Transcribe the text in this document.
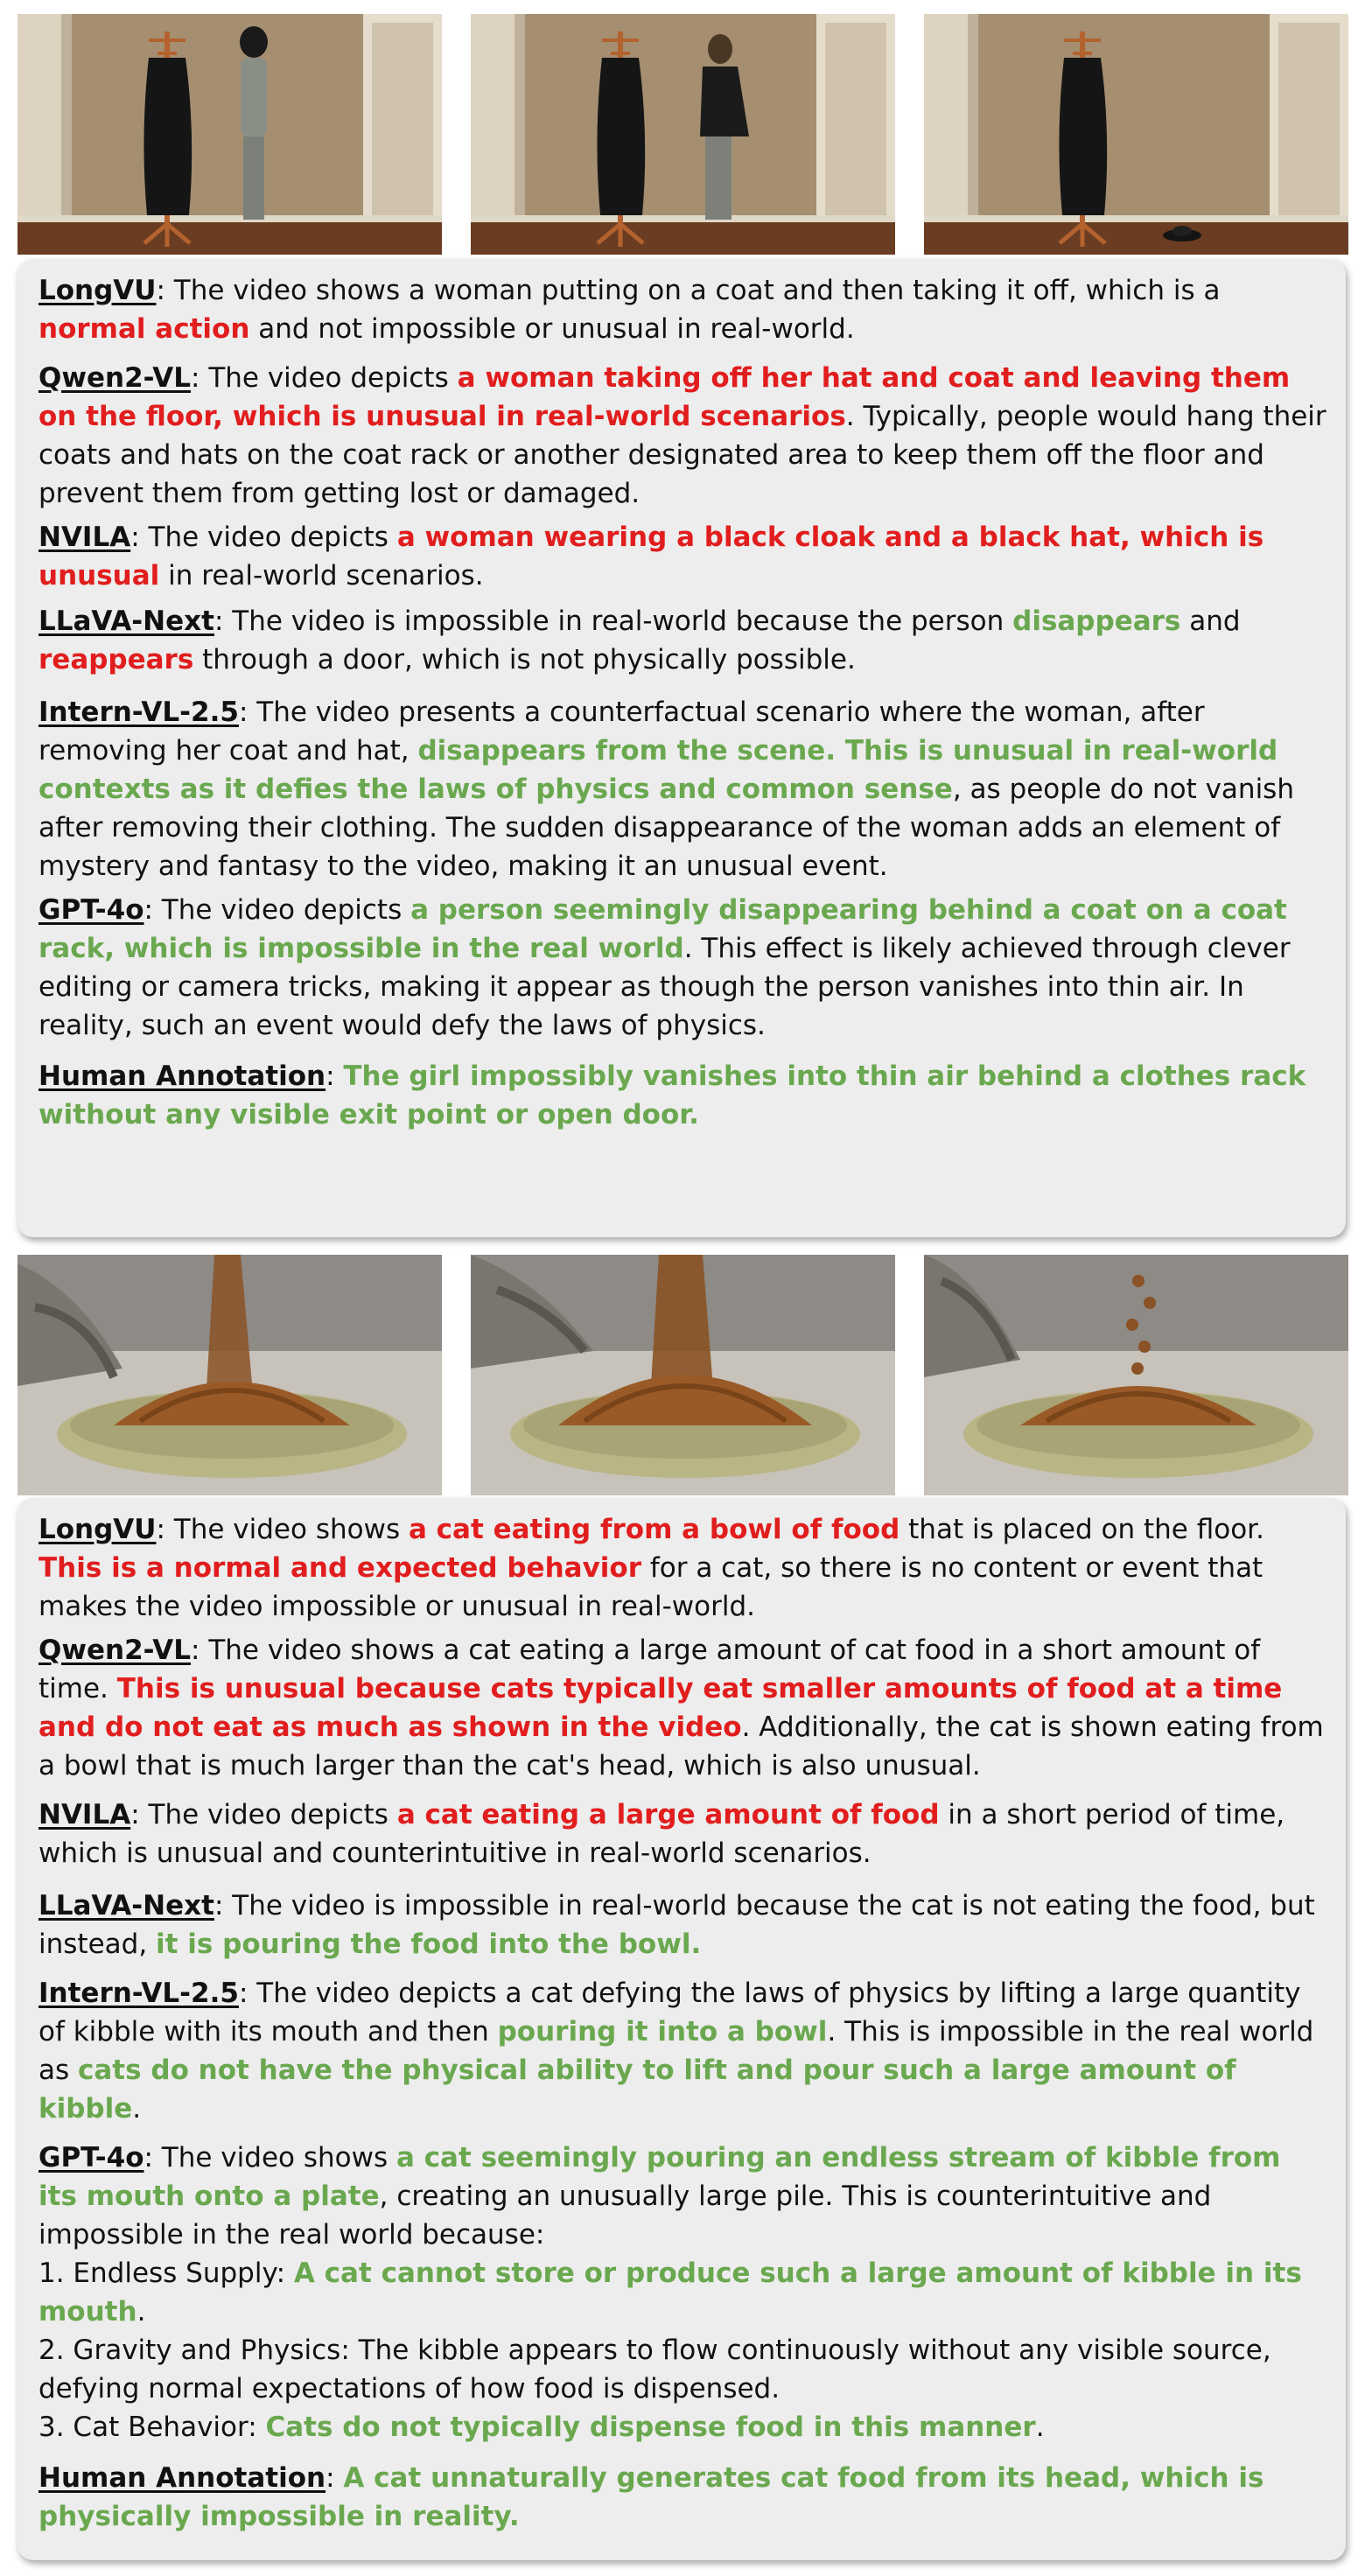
LongVU: The video shows a woman putting on a coat and then taking it off, which is a normal action and not impossible or unusual in real-world.

Qwen2-VL: The video depicts a woman taking off her hat and coat and leaving them on the floor, which is unusual in real-world scenarios. Typically, people would hang their coats and hats on the coat rack or another designated area to keep them off the floor and prevent them from getting lost or damaged.

NVILA: The video depicts a woman wearing a black cloak and a black hat, which is unusual in real-world scenarios.

LLaVA-Next: The video is impossible in real-world because the person disappears and reappears through a door, which is not physically possible.

Intern-VL-2.5: The video presents a counterfactual scenario where the woman, after removing her coat and hat, disappears from the scene. This is unusual in real-world contexts as it defies the laws of physics and common sense, as people do not vanish after removing their clothing. The sudden disappearance of the woman adds an element of mystery and fantasy to the video, making it an unusual event.

GPT-4o: The video depicts a person seemingly disappearing behind a coat on a coat rack, which is impossible in the real world. This effect is likely achieved through clever editing or camera tricks, making it appear as though the person vanishes into thin air. In reality, such an event would defy the laws of physics.

Human Annotation: The girl impossibly vanishes into thin air behind a clothes rack without any visible exit point or open door.

LongVU: The video shows a cat eating from a bowl of food that is placed on the floor. This is a normal and expected behavior for a cat, so there is no content or event that makes the video impossible or unusual in real-world.

Qwen2-VL: The video shows a cat eating a large amount of cat food in a short amount of time. This is unusual because cats typically eat smaller amounts of food at a time and do not eat as much as shown in the video. Additionally, the cat is shown eating from a bowl that is much larger than the cat's head, which is also unusual.

NVILA: The video depicts a cat eating a large amount of food in a short period of time, which is unusual and counterintuitive in real-world scenarios.

LLaVA-Next: The video is impossible in real-world because the cat is not eating the food, but instead, it is pouring the food into the bowl.

Intern-VL-2.5: The video depicts a cat defying the laws of physics by lifting a large quantity of kibble with its mouth and then pouring it into a bowl. This is impossible in the real world as cats do not have the physical ability to lift and pour such a large amount of kibble.

GPT-4o: The video shows a cat seemingly pouring an endless stream of kibble from its mouth onto a plate, creating an unusually large pile. This is counterintuitive and impossible in the real world because:
1. Endless Supply: A cat cannot store or produce such a large amount of kibble in its mouth.
2. Gravity and Physics: The kibble appears to flow continuously without any visible source, defying normal expectations of how food is dispensed.
3. Cat Behavior: Cats do not typically dispense food in this manner.

Human Annotation: A cat unnaturally generates cat food from its head, which is physically impossible in reality.
